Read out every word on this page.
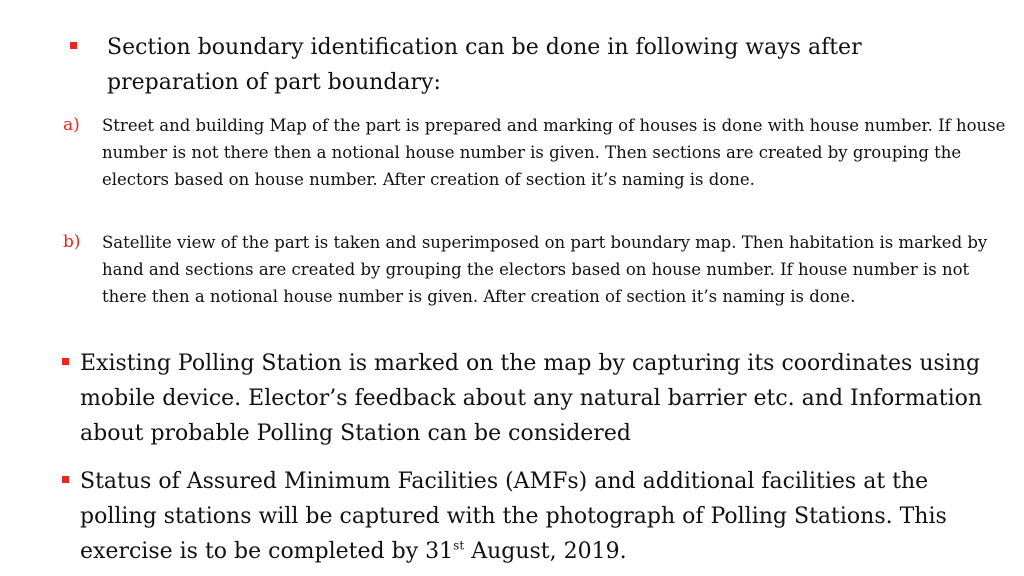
Section boundary identification can be done in following ways after preparation of part boundary:
a) Street and building Map of the part is prepared and marking of houses is done with house number. If house number is not there then a notional house number is given. Then sections are created by grouping the electors based on house number. After creation of section it’s naming is done.
b) Satellite view of the part is taken and superimposed on part boundary map. Then habitation is marked by hand and sections are created by grouping the electors based on house number. If house number is not there then a notional house number is given. After creation of section it’s naming is done.
Existing Polling Station is marked on the map by capturing its coordinates using mobile device. Elector’s feedback about any natural barrier etc. and Information about probable Polling Station can be considered
Status of Assured Minimum Facilities (AMFs) and additional facilities at the polling stations will be captured with the photograph of Polling Stations. This exercise is to be completed by 31st August, 2019.
